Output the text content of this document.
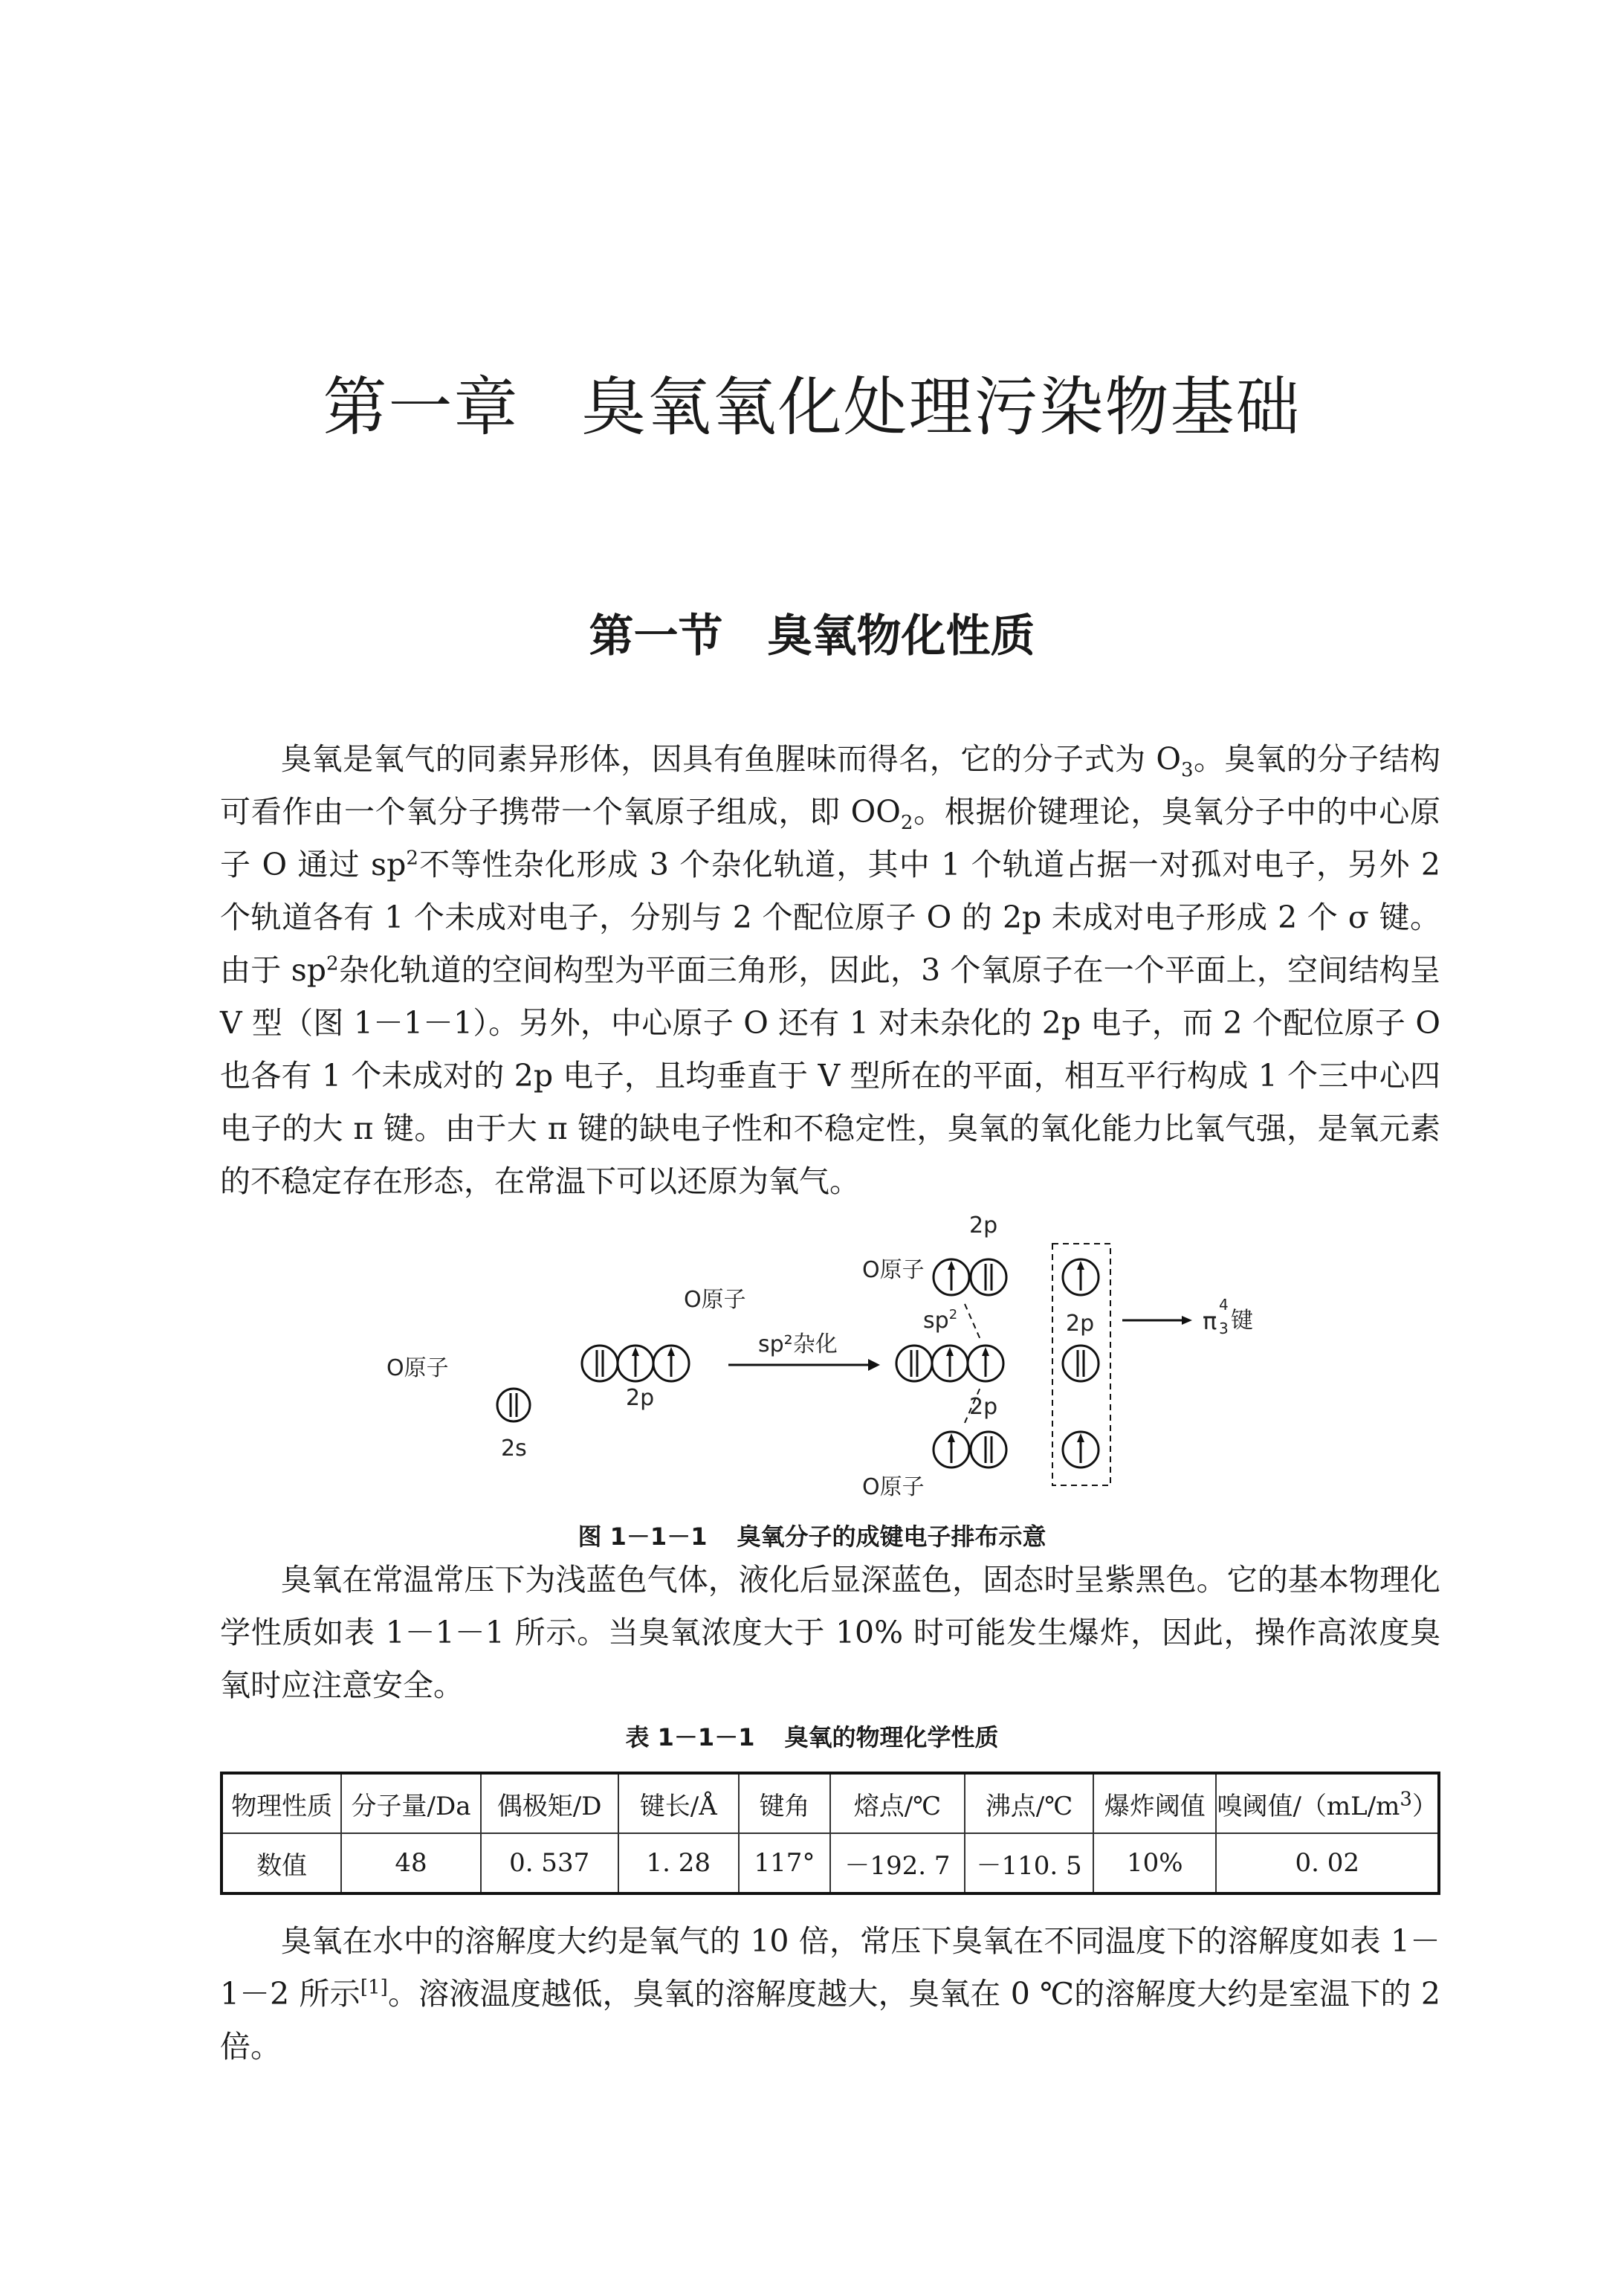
第一章 臭氧氧化处理污染物基础
第一节 臭氧物化性质

臭氧是氧气的同素异形体，因具有鱼腥味而得名，它的分子式为 $O_3$。臭氧的分子结构可看作由一个氧分子携带一个氧原子组成，即 $OO_2$。根据价键理论，臭氧分子中的中心原子 O 通过 $sp^2$不等性杂化形成 3 个杂化轨道，其中 1 个轨道占据一对孤对电子，另外 2 个轨道各有 1 个未成对电子，分别与 2 个配位原子 O 的 2p 未成对电子形成 2 个 σ 键。由于 $sp^2$杂化轨道的空间构型为平面三角形，因此，3 个氧原子在一个平面上，空间结构呈 V 型（图 1－1－1）。另外，中心原子 O 还有 1 对未杂化的 2p 电子，而 2 个配位原子 O 也各有 1 个未成对的 2p 电子，且均垂直于 V 型所在的平面，相互平行构成 1 个三中心四电子的大 π 键。由于大 π 键的缺电子性和不稳定性，臭氧的氧化能力比氧气强，是氧元素的不稳定存在形态，在常温下可以还原为氧气。

O原子
2s
2p
O原子
sp²杂化
O原子
2p
$sp^2$	2p
2p
O原子
π
4
3 键
图 1－1－1 臭氧分子的成键电子排布示意

臭氧在常温常压下为浅蓝色气体，液化后显深蓝色，固态时呈紫黑色。它的基本物理化学性质如表 1－1－1 所示。当臭氧浓度大于 10% 时可能发生爆炸，因此，操作高浓度臭氧时应注意安全。

表 1－1－1 臭氧的物理化学性质
物理性质	分子量/Da	偶极矩/D	键长/Å	键角	熔点/℃	沸点/℃	爆炸阈值	嗅阈值$/(mL/m^3)$
数值	48	0. 537	1. 28	117°	－192. 7	－110. 5	10%	0. 02

臭氧在水中的溶解度大约是氧气的 10 倍，常压下臭氧在不同温度下的溶解度如表 1－1－2 所示[1]。溶液温度越低，臭氧的溶解度越大，臭氧在 0 ℃的溶解度大约是室温下的 2 倍。
